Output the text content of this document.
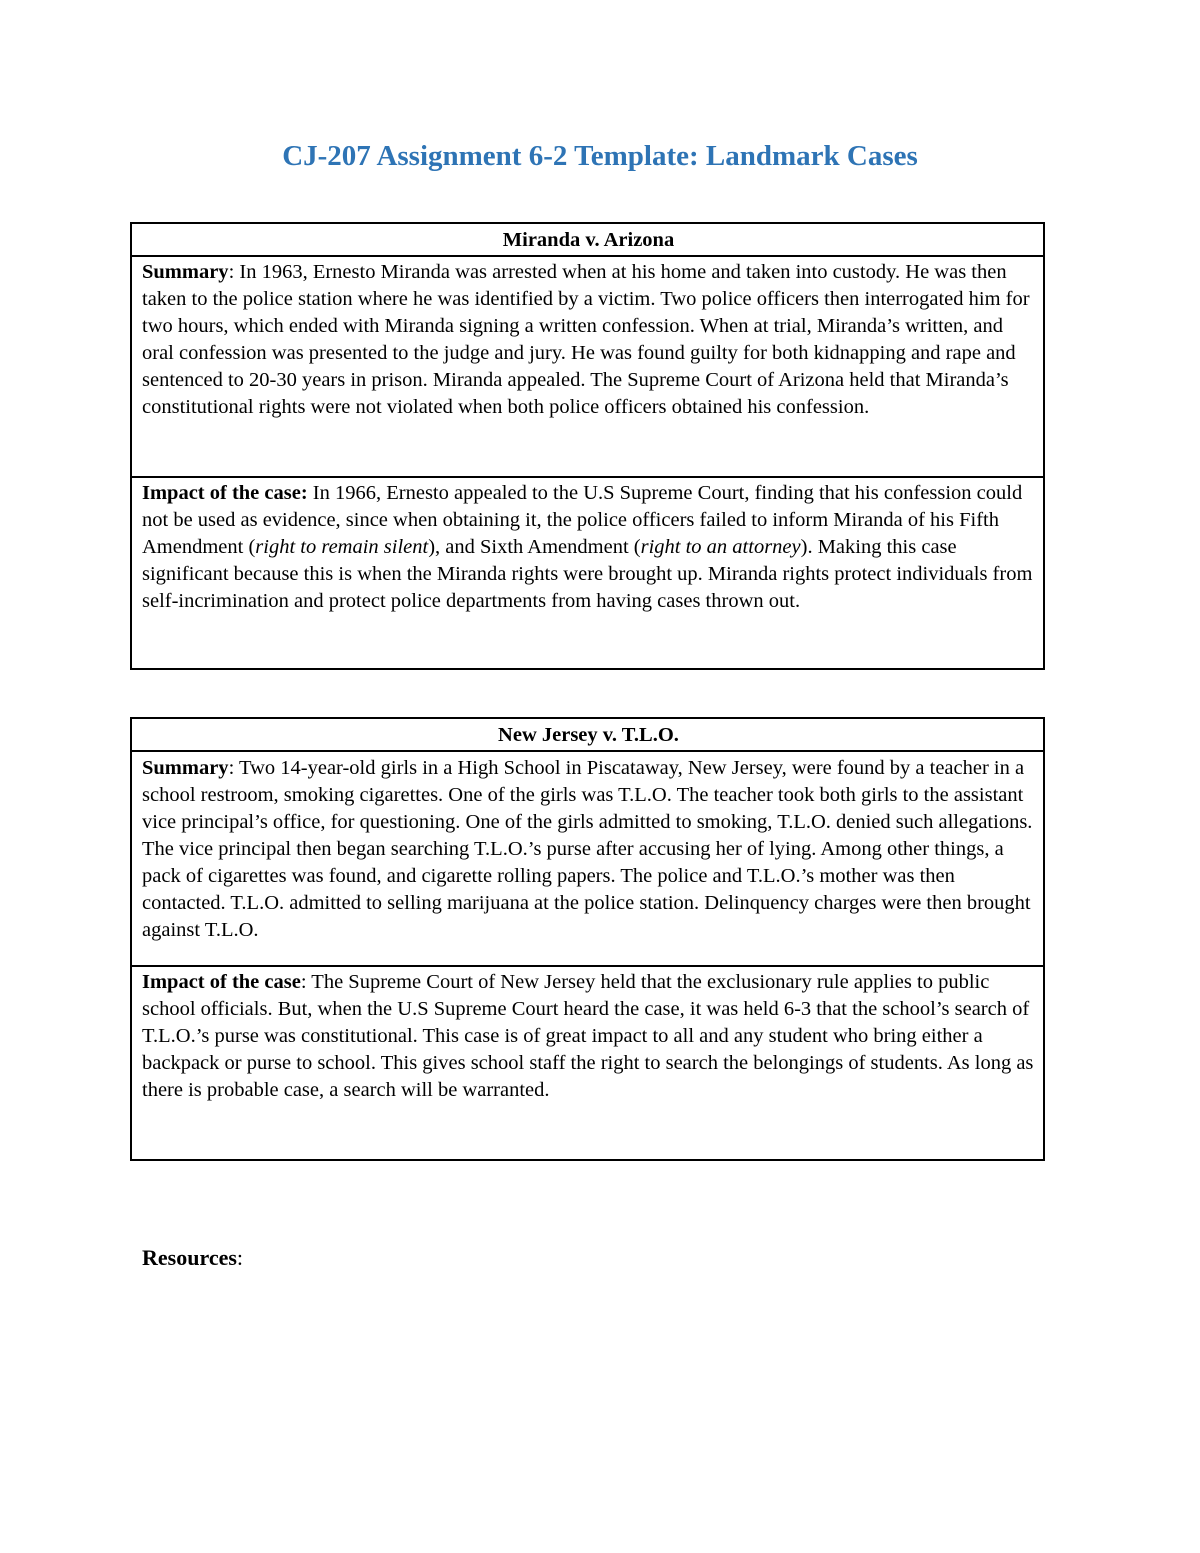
CJ-207 Assignment 6-2 Template: Landmark Cases
Miranda v. Arizona
Summary: In 1963, Ernesto Miranda was arrested when at his home and taken into custody. He was then taken to the police station where he was identified by a victim. Two police officers then interrogated him for two hours, which ended with Miranda signing a written confession. When at trial, Miranda’s written, and oral confession was presented to the judge and jury. He was found guilty for both kidnapping and rape and sentenced to 20-30 years in prison. Miranda appealed. The Supreme Court of Arizona held that Miranda’s constitutional rights were not violated when both police officers obtained his confession.
Impact of the case: In 1966, Ernesto appealed to the U.S Supreme Court, finding that his confession could not be used as evidence, since when obtaining it, the police officers failed to inform Miranda of his Fifth Amendment (right to remain silent), and Sixth Amendment (right to an attorney). Making this case significant because this is when the Miranda rights were brought up. Miranda rights protect individuals from self-incrimination and protect police departments from having cases thrown out.
New Jersey v. T.L.O.
Summary: Two 14-year-old girls in a High School in Piscataway, New Jersey, were found by a teacher in a school restroom, smoking cigarettes. One of the girls was T.L.O. The teacher took both girls to the assistant vice principal’s office, for questioning. One of the girls admitted to smoking, T.L.O. denied such allegations. The vice principal then began searching T.L.O.’s purse after accusing her of lying. Among other things, a pack of cigarettes was found, and cigarette rolling papers. The police and T.L.O.’s mother was then contacted. T.L.O. admitted to selling marijuana at the police station. Delinquency charges were then brought against T.L.O.
Impact of the case: The Supreme Court of New Jersey held that the exclusionary rule applies to public school officials. But, when the U.S Supreme Court heard the case, it was held 6-3 that the school’s search of T.L.O.’s purse was constitutional. This case is of great impact to all and any student who bring either a backpack or purse to school. This gives school staff the right to search the belongings of students. As long as there is probable case, a search will be warranted.

Resources:
